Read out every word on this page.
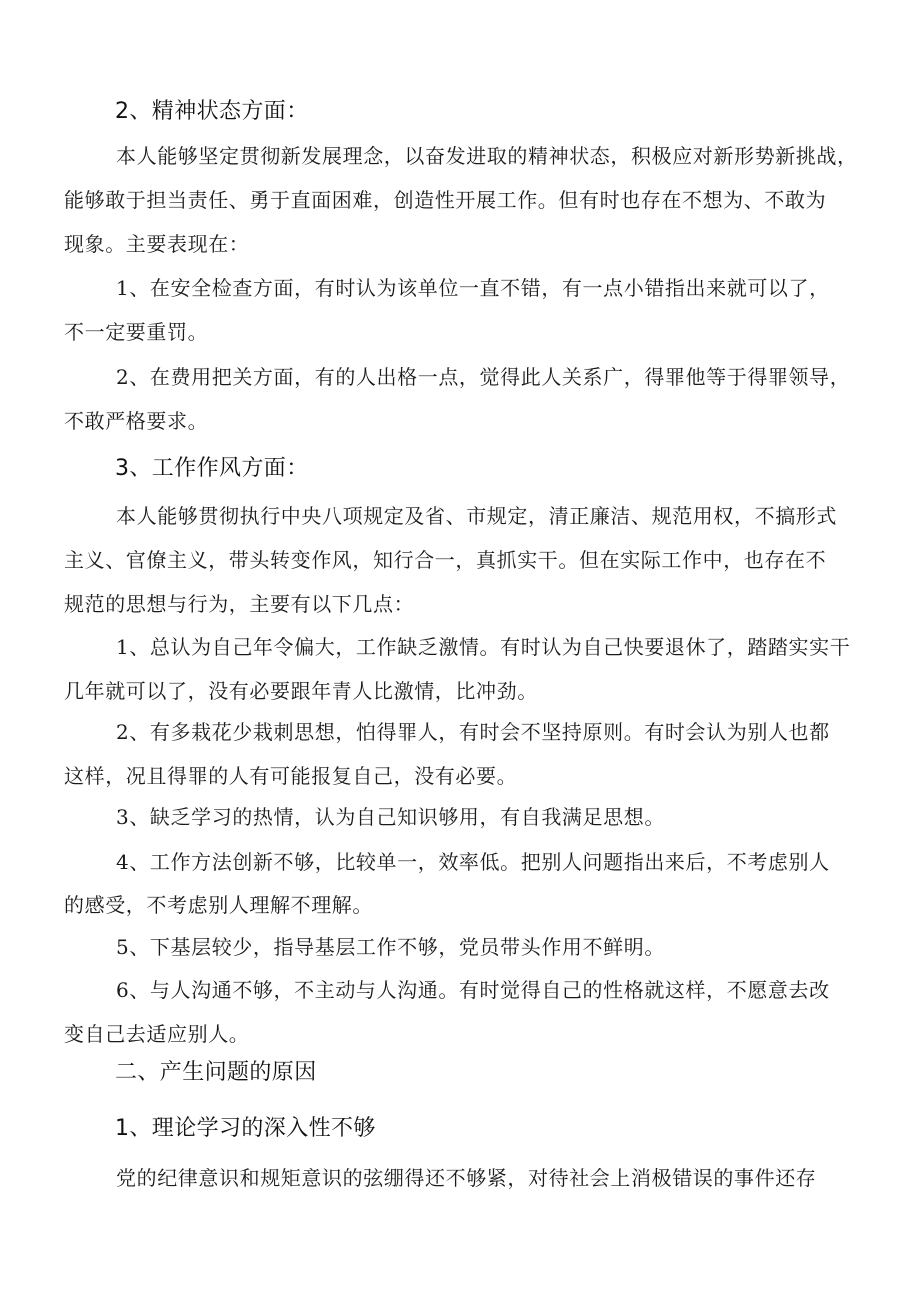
2、精神状态方面：
本人能够坚定贯彻新发展理念，以奋发进取的精神状态，积极应对新形势新挑战，
能够敢于担当责任、勇于直面困难，创造性开展工作。但有时也存在不想为、不敢为
现象。主要表现在：
1、在安全检查方面，有时认为该单位一直不错，有一点小错指出来就可以了，
不一定要重罚。
2、在费用把关方面，有的人出格一点，觉得此人关系广，得罪他等于得罪领导，
不敢严格要求。
3、工作作风方面：
本人能够贯彻执行中央八项规定及省、市规定，清正廉洁、规范用权，不搞形式
主义、官僚主义，带头转变作风，知行合一，真抓实干。但在实际工作中，也存在不
规范的思想与行为，主要有以下几点：
1、总认为自己年令偏大，工作缺乏激情。有时认为自己快要退休了，踏踏实实干
几年就可以了，没有必要跟年青人比激情，比冲劲。
2、有多栽花少栽刺思想，怕得罪人，有时会不坚持原则。有时会认为别人也都
这样，况且得罪的人有可能报复自己，没有必要。
3、缺乏学习的热情，认为自己知识够用，有自我满足思想。
4、工作方法创新不够，比较单一，效率低。把别人问题指出来后，不考虑别人
的感受，不考虑别人理解不理解。
5、下基层较少，指导基层工作不够，党员带头作用不鲜明。
6、与人沟通不够，不主动与人沟通。有时觉得自己的性格就这样，不愿意去改
变自己去适应别人。
二、产生问题的原因
1、理论学习的深入性不够
党的纪律意识和规矩意识的弦绷得还不够紧，对待社会上消极错误的事件还存
